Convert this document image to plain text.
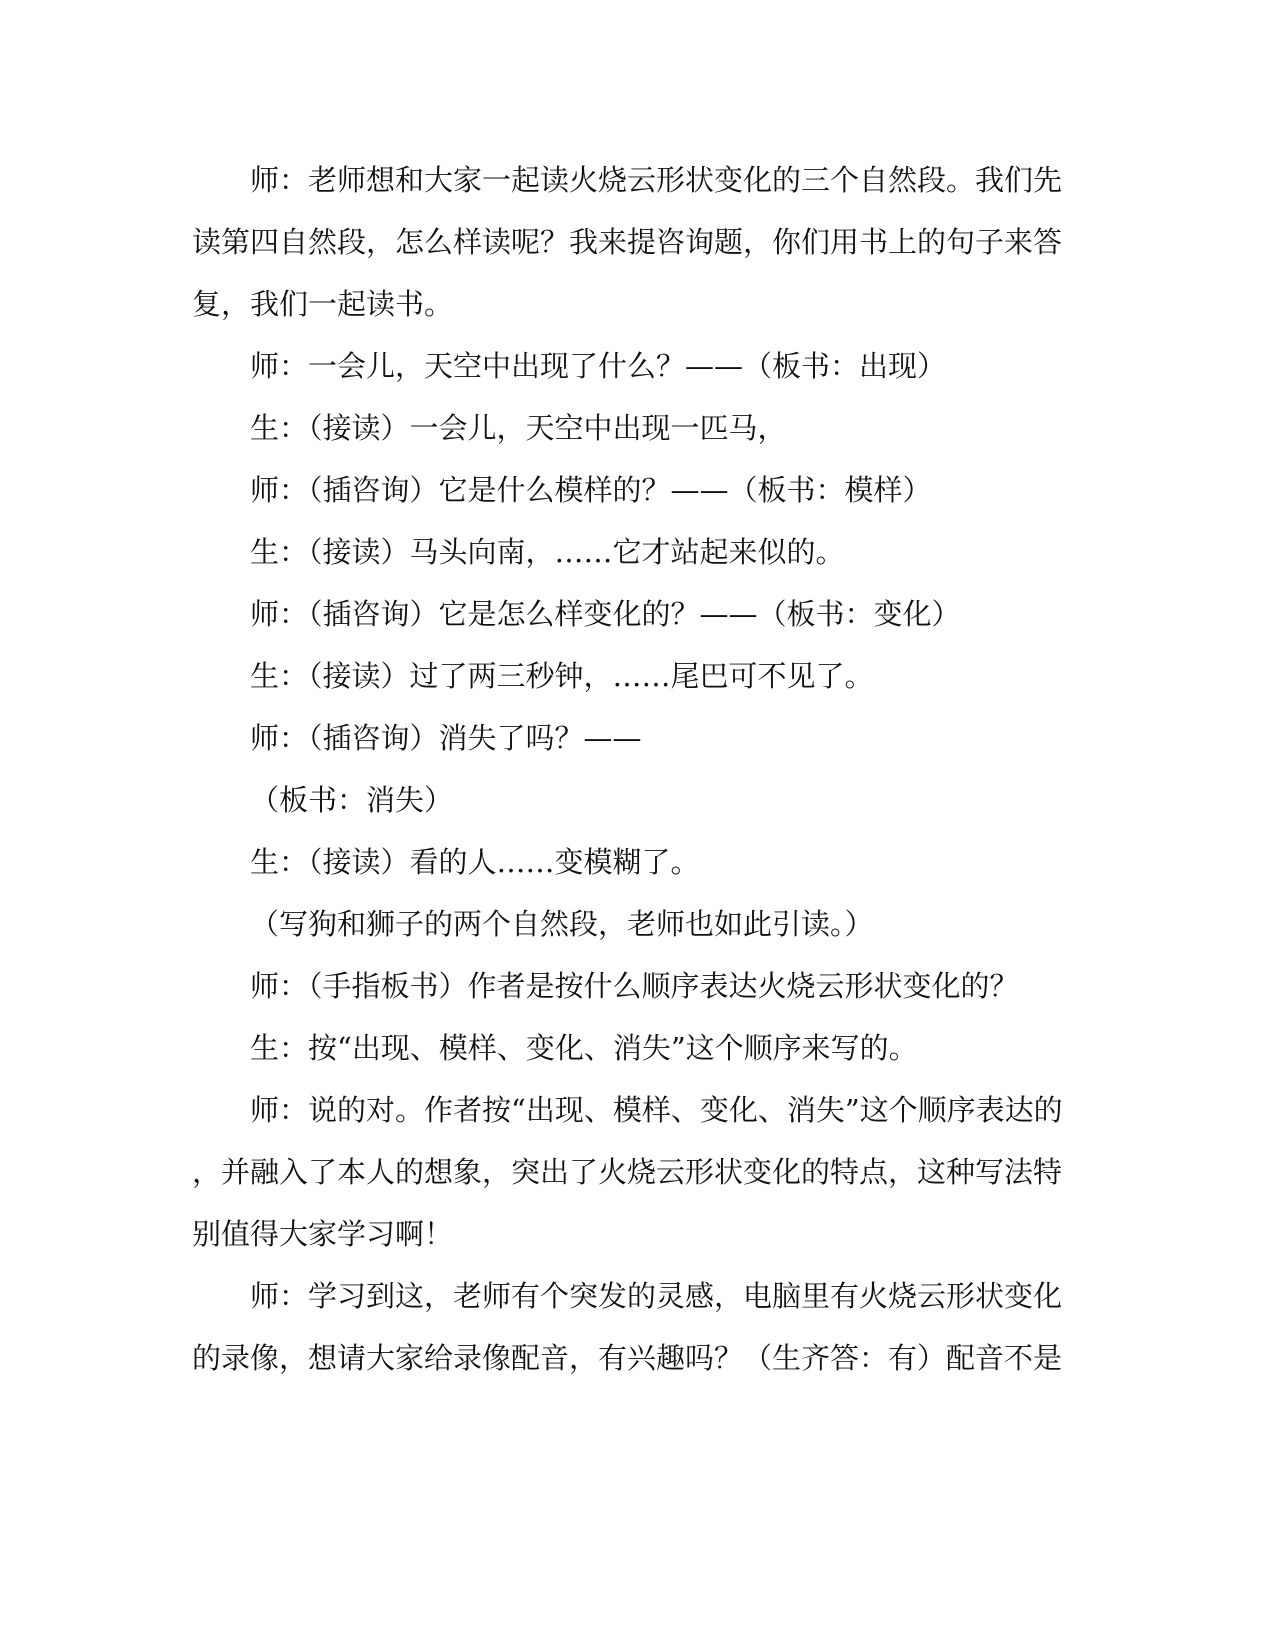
师：老师想和大家一起读火烧云形状变化的三个自然段。我们先
读第四自然段，怎么样读呢？我来提咨询题，你们用书上的句子来答
复，我们一起读书。
师：一会儿，天空中出现了什么？——（板书：出现）
生：（接读）一会儿，天空中出现一匹马，
师：（插咨询）它是什么模样的？——（板书：模样）
生：（接读）马头向南，……它才站起来似的。
师：（插咨询）它是怎么样变化的？——（板书：变化）
生：（接读）过了两三秒钟，……尾巴可不见了。
师：（插咨询）消失了吗？——
（板书：消失）
生：（接读）看的人……变模糊了。
（写狗和狮子的两个自然段，老师也如此引读。）
师：（手指板书）作者是按什么顺序表达火烧云形状变化的？
生：按“出现、模样、变化、消失”这个顺序来写的。
师：说的对。作者按“出现、模样、变化、消失”这个顺序表达的
，并融入了本人的想象，突出了火烧云形状变化的特点，这种写法特
别值得大家学习啊！
师：学习到这，老师有个突发的灵感，电脑里有火烧云形状变化
的录像，想请大家给录像配音，有兴趣吗？（生齐答：有）配音不是
